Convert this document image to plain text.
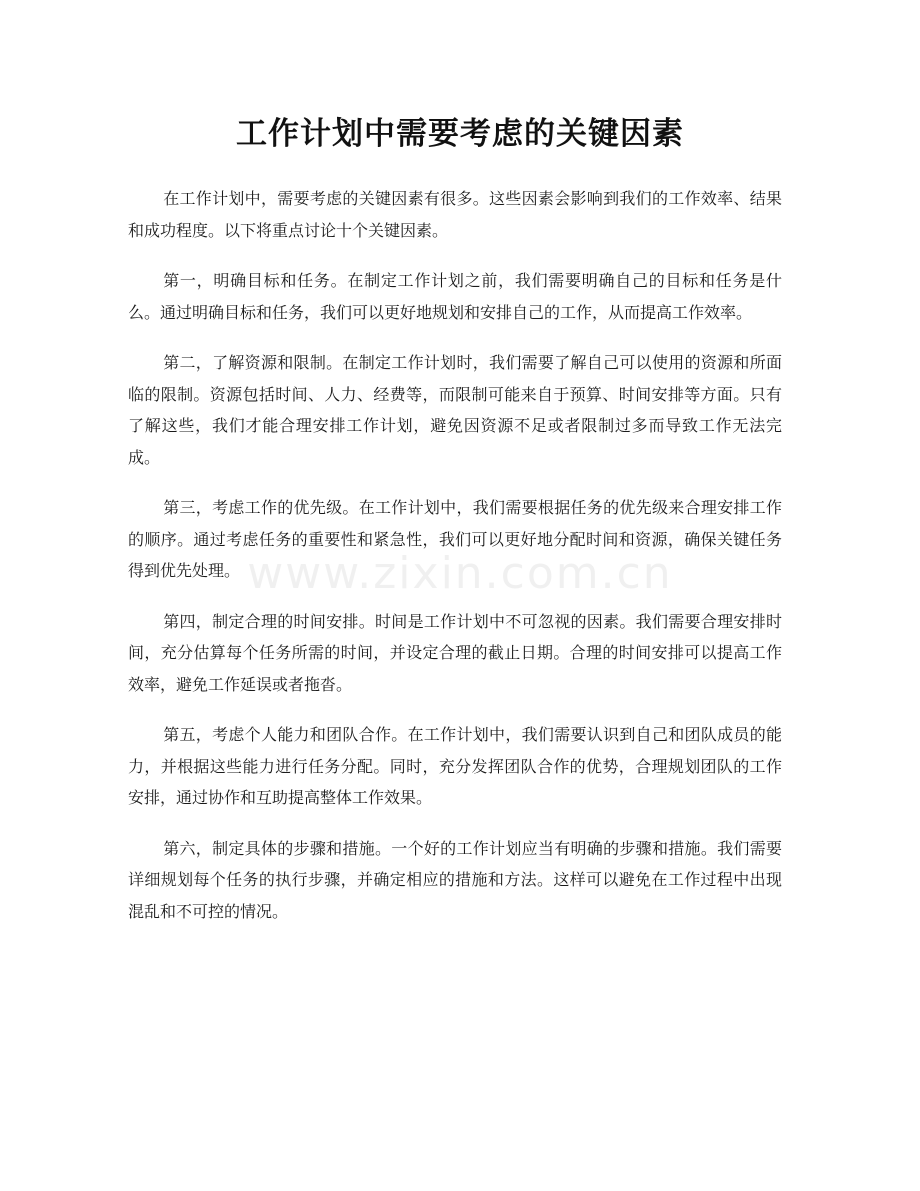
工作计划中需要考虑的关键因素

在工作计划中，需要考虑的关键因素有很多。这些因素会影响到我们的工作效率、结果和成功程度。以下将重点讨论十个关键因素。

第一，明确目标和任务。在制定工作计划之前，我们需要明确自己的目标和任务是什么。通过明确目标和任务，我们可以更好地规划和安排自己的工作，从而提高工作效率。

第二，了解资源和限制。在制定工作计划时，我们需要了解自己可以使用的资源和所面临的限制。资源包括时间、人力、经费等，而限制可能来自于预算、时间安排等方面。只有了解这些，我们才能合理安排工作计划，避免因资源不足或者限制过多而导致工作无法完成。

第三，考虑工作的优先级。在工作计划中，我们需要根据任务的优先级来合理安排工作的顺序。通过考虑任务的重要性和紧急性，我们可以更好地分配时间和资源，确保关键任务得到优先处理。

第四，制定合理的时间安排。时间是工作计划中不可忽视的因素。我们需要合理安排时间，充分估算每个任务所需的时间，并设定合理的截止日期。合理的时间安排可以提高工作效率，避免工作延误或者拖沓。

第五，考虑个人能力和团队合作。在工作计划中，我们需要认识到自己和团队成员的能力，并根据这些能力进行任务分配。同时，充分发挥团队合作的优势，合理规划团队的工作安排，通过协作和互助提高整体工作效果。

第六，制定具体的步骤和措施。一个好的工作计划应当有明确的步骤和措施。我们需要详细规划每个任务的执行步骤，并确定相应的措施和方法。这样可以避免在工作过程中出现混乱和不可控的情况。

www.zixin.com.cn
